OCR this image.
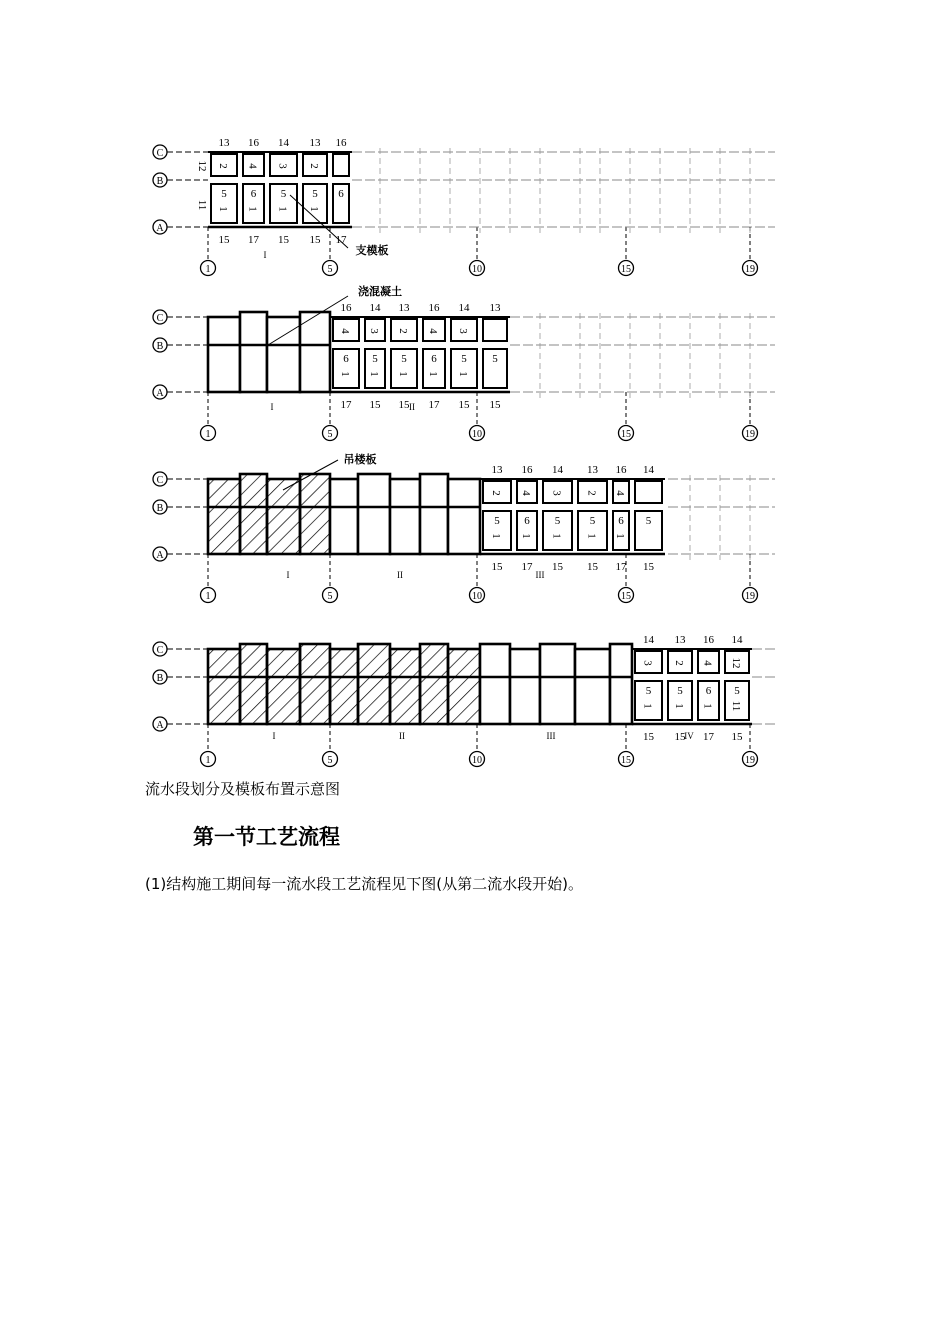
C
B
A
1	5	10	15	19
2
5
1
13
15
4
6
1
16
17
3
5
1
14
15
2
5
1
13
15
6
16
17
12
11
I	支模板
C
B
A
1	5	10	15	19
4
6
1
16
17
3
5
1
14
15
2
5
1
13
15
4
6
1
16
17
3
5
1
14
15
5
13
15
I	II
浇混凝土
C
B
A
1	5	10	15	19
2
5
1
13
15
4
6
1
16
17
3
5
1
14
15
2
5
1
13
15
4
6
1
16
17
5
14
15
I	II	III
吊楼板
C
B
A
1	5	10	15	19
3
5
1
14
15
2
5
1
13
15
4
6
1
16
17
12
5
11
14
15
I	II	III	IV
流水段划分及模板布置示意图
第一节工艺流程
(1)结构施工期间每一流水段工艺流程见下图(从第二流水段开始)。
